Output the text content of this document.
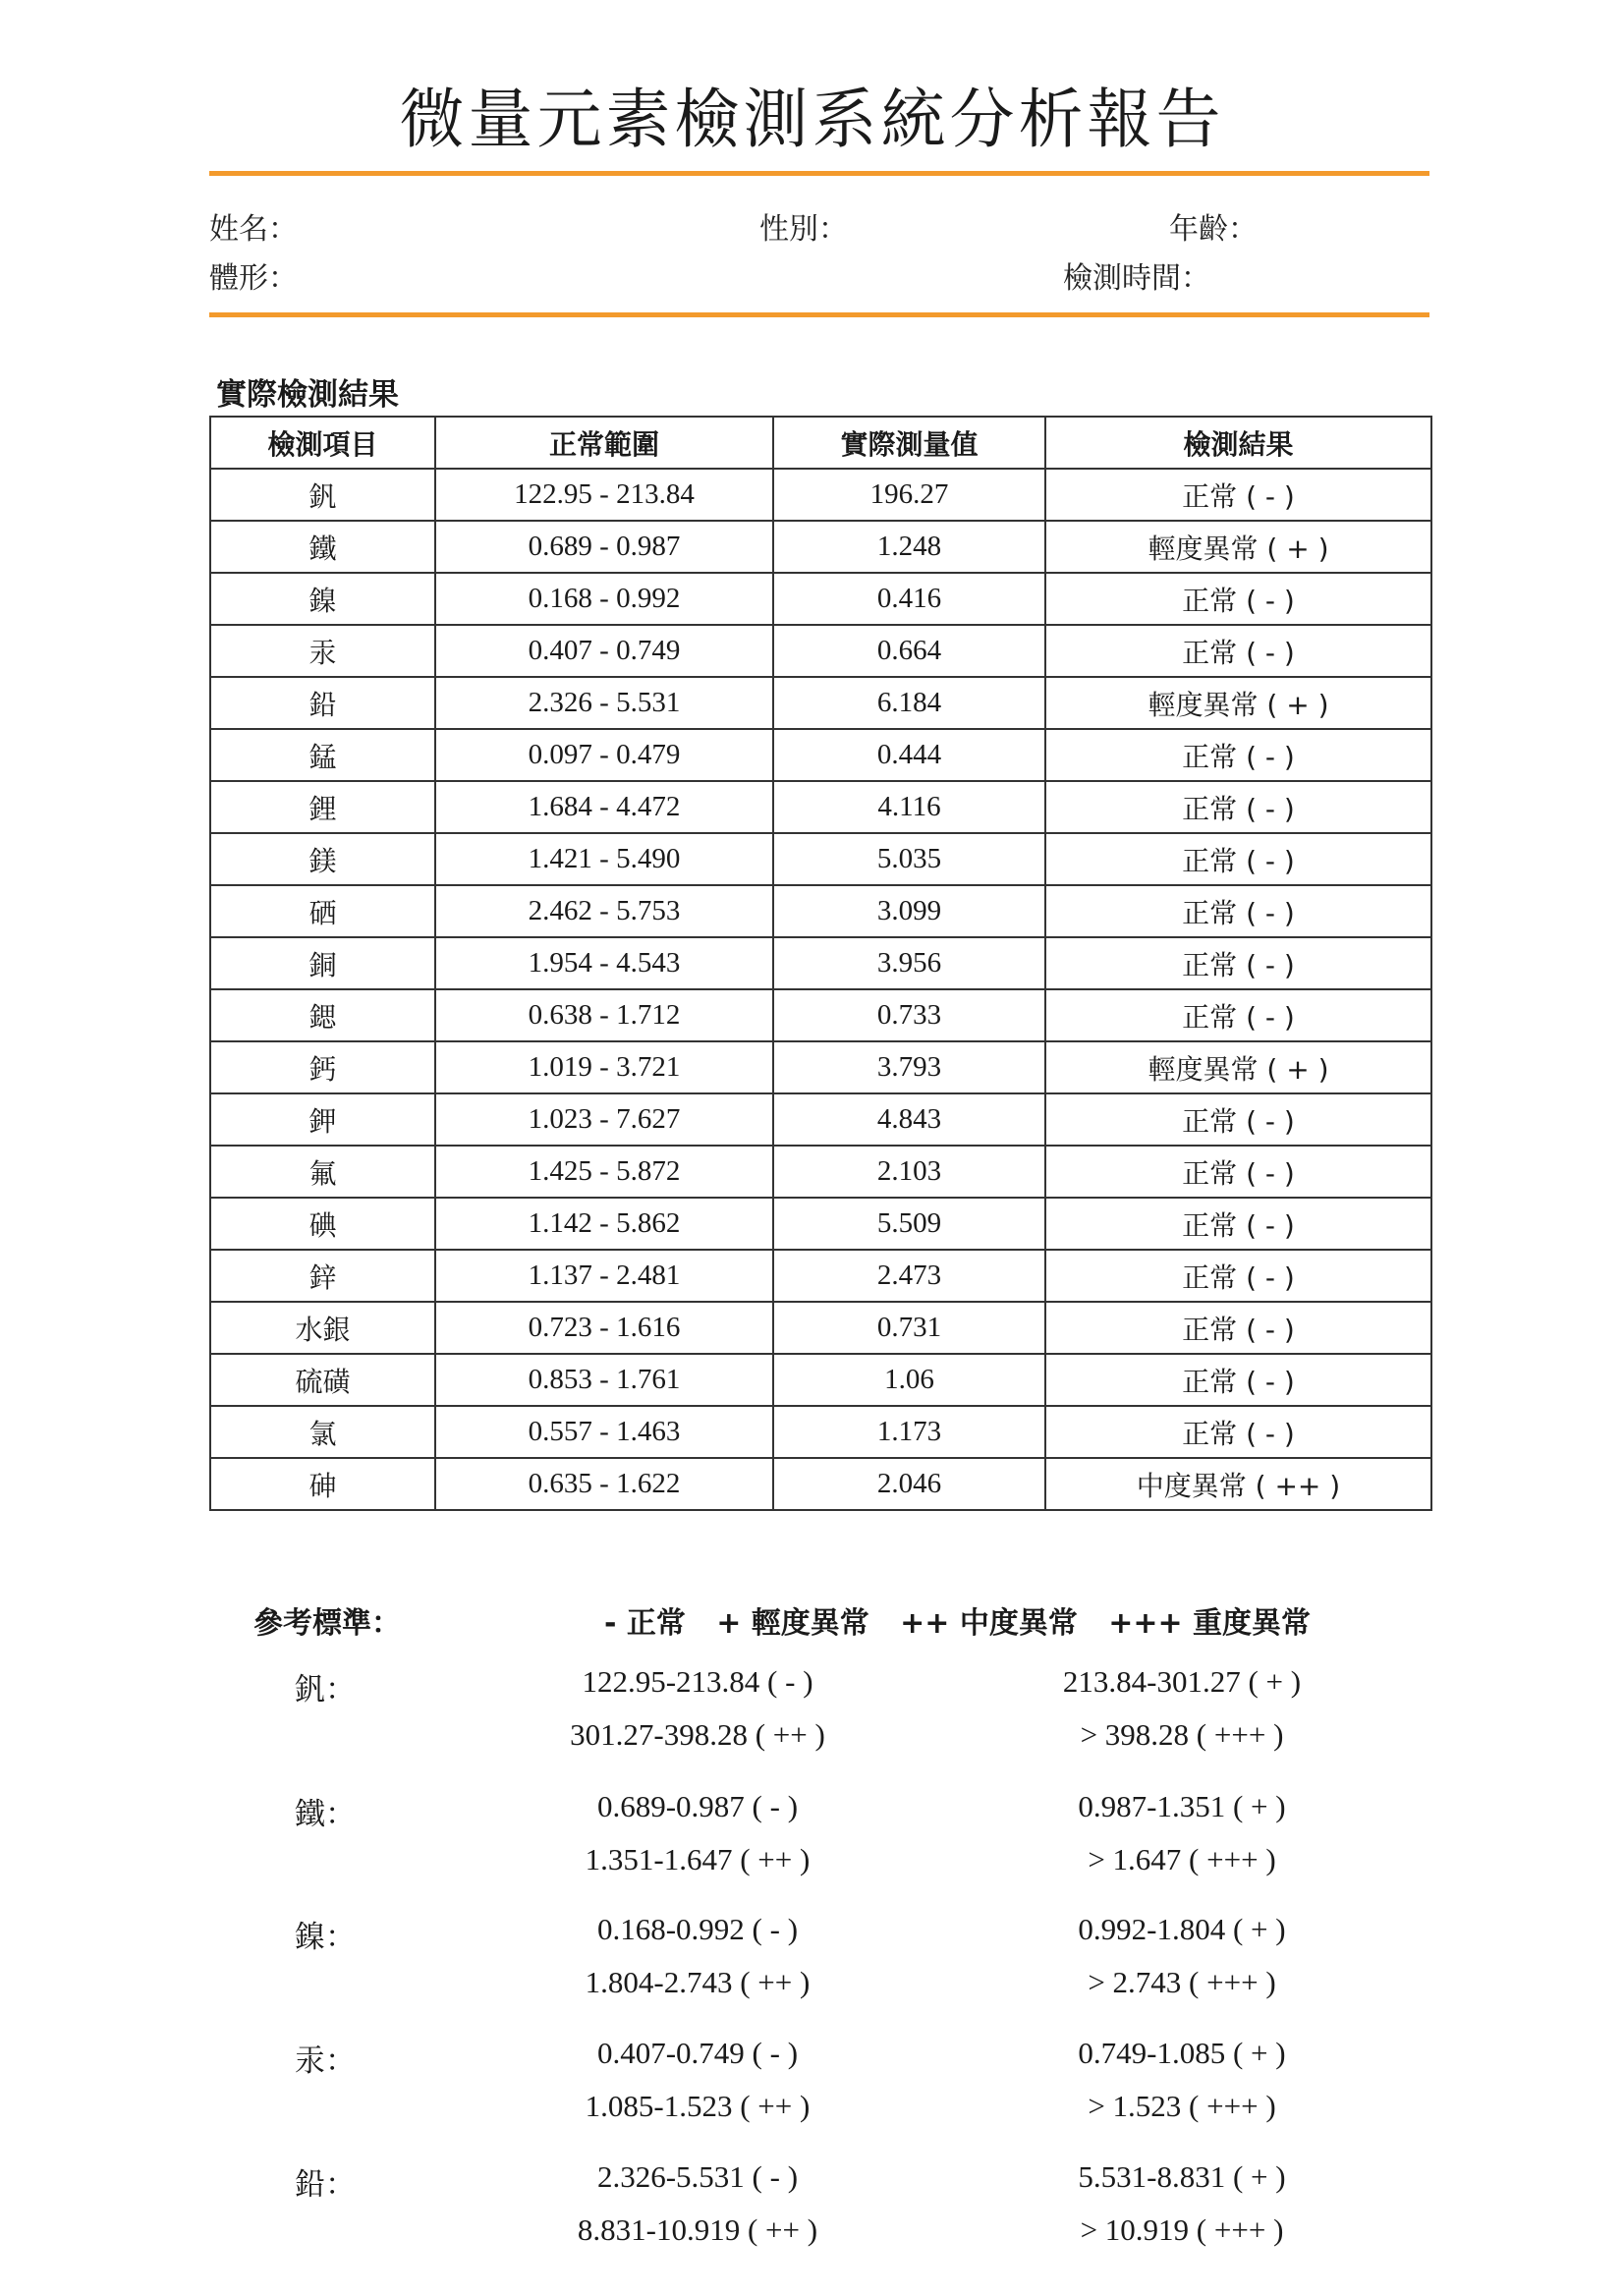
微量元素檢測系統分析報告
姓名：	性別：	年齡：
體形：	檢測時間：
實際檢測結果
檢測項目	正常範圍	實際測量值	檢測結果
釩	122.95 - 213.84	196.27	正常 ( - )
鐵	0.689 - 0.987	1.248	輕度異常 ( + )
鎳	0.168 - 0.992	0.416	正常 ( - )
汞	0.407 - 0.749	0.664	正常 ( - )
鉛	2.326 - 5.531	6.184	輕度異常 ( + )
錳	0.097 - 0.479	0.444	正常 ( - )
鋰	1.684 - 4.472	4.116	正常 ( - )
鎂	1.421 - 5.490	5.035	正常 ( - )
硒	2.462 - 5.753	3.099	正常 ( - )
銅	1.954 - 4.543	3.956	正常 ( - )
鍶	0.638 - 1.712	0.733	正常 ( - )
鈣	1.019 - 3.721	3.793	輕度異常 ( + )
鉀	1.023 - 7.627	4.843	正常 ( - )
氟	1.425 - 5.872	2.103	正常 ( - )
碘	1.142 - 5.862	5.509	正常 ( - )
鋅	1.137 - 2.481	2.473	正常 ( - )
水銀	0.723 - 1.616	0.731	正常 ( - )
硫磺	0.853 - 1.761	1.06	正常 ( - )
氯	0.557 - 1.463	1.173	正常 ( - )
砷	0.635 - 1.622	2.046	中度異常 ( ++ )
參考標準：	- 正常   + 輕度異常   ++ 中度異常   +++ 重度異常
釩：	122.95-213.84 ( - )	213.84-301.27 ( + )
301.27-398.28 ( ++ )	> 398.28 ( +++ )
鐵：	0.689-0.987 ( - )	0.987-1.351 ( + )
1.351-1.647 ( ++ )	> 1.647 ( +++ )
鎳：	0.168-0.992 ( - )	0.992-1.804 ( + )
1.804-2.743 ( ++ )	> 2.743 ( +++ )
汞：	0.407-0.749 ( - )	0.749-1.085 ( + )
1.085-1.523 ( ++ )	> 1.523 ( +++ )
鉛：	2.326-5.531 ( - )	5.531-8.831 ( + )
8.831-10.919 ( ++ )	> 10.919 ( +++ )
